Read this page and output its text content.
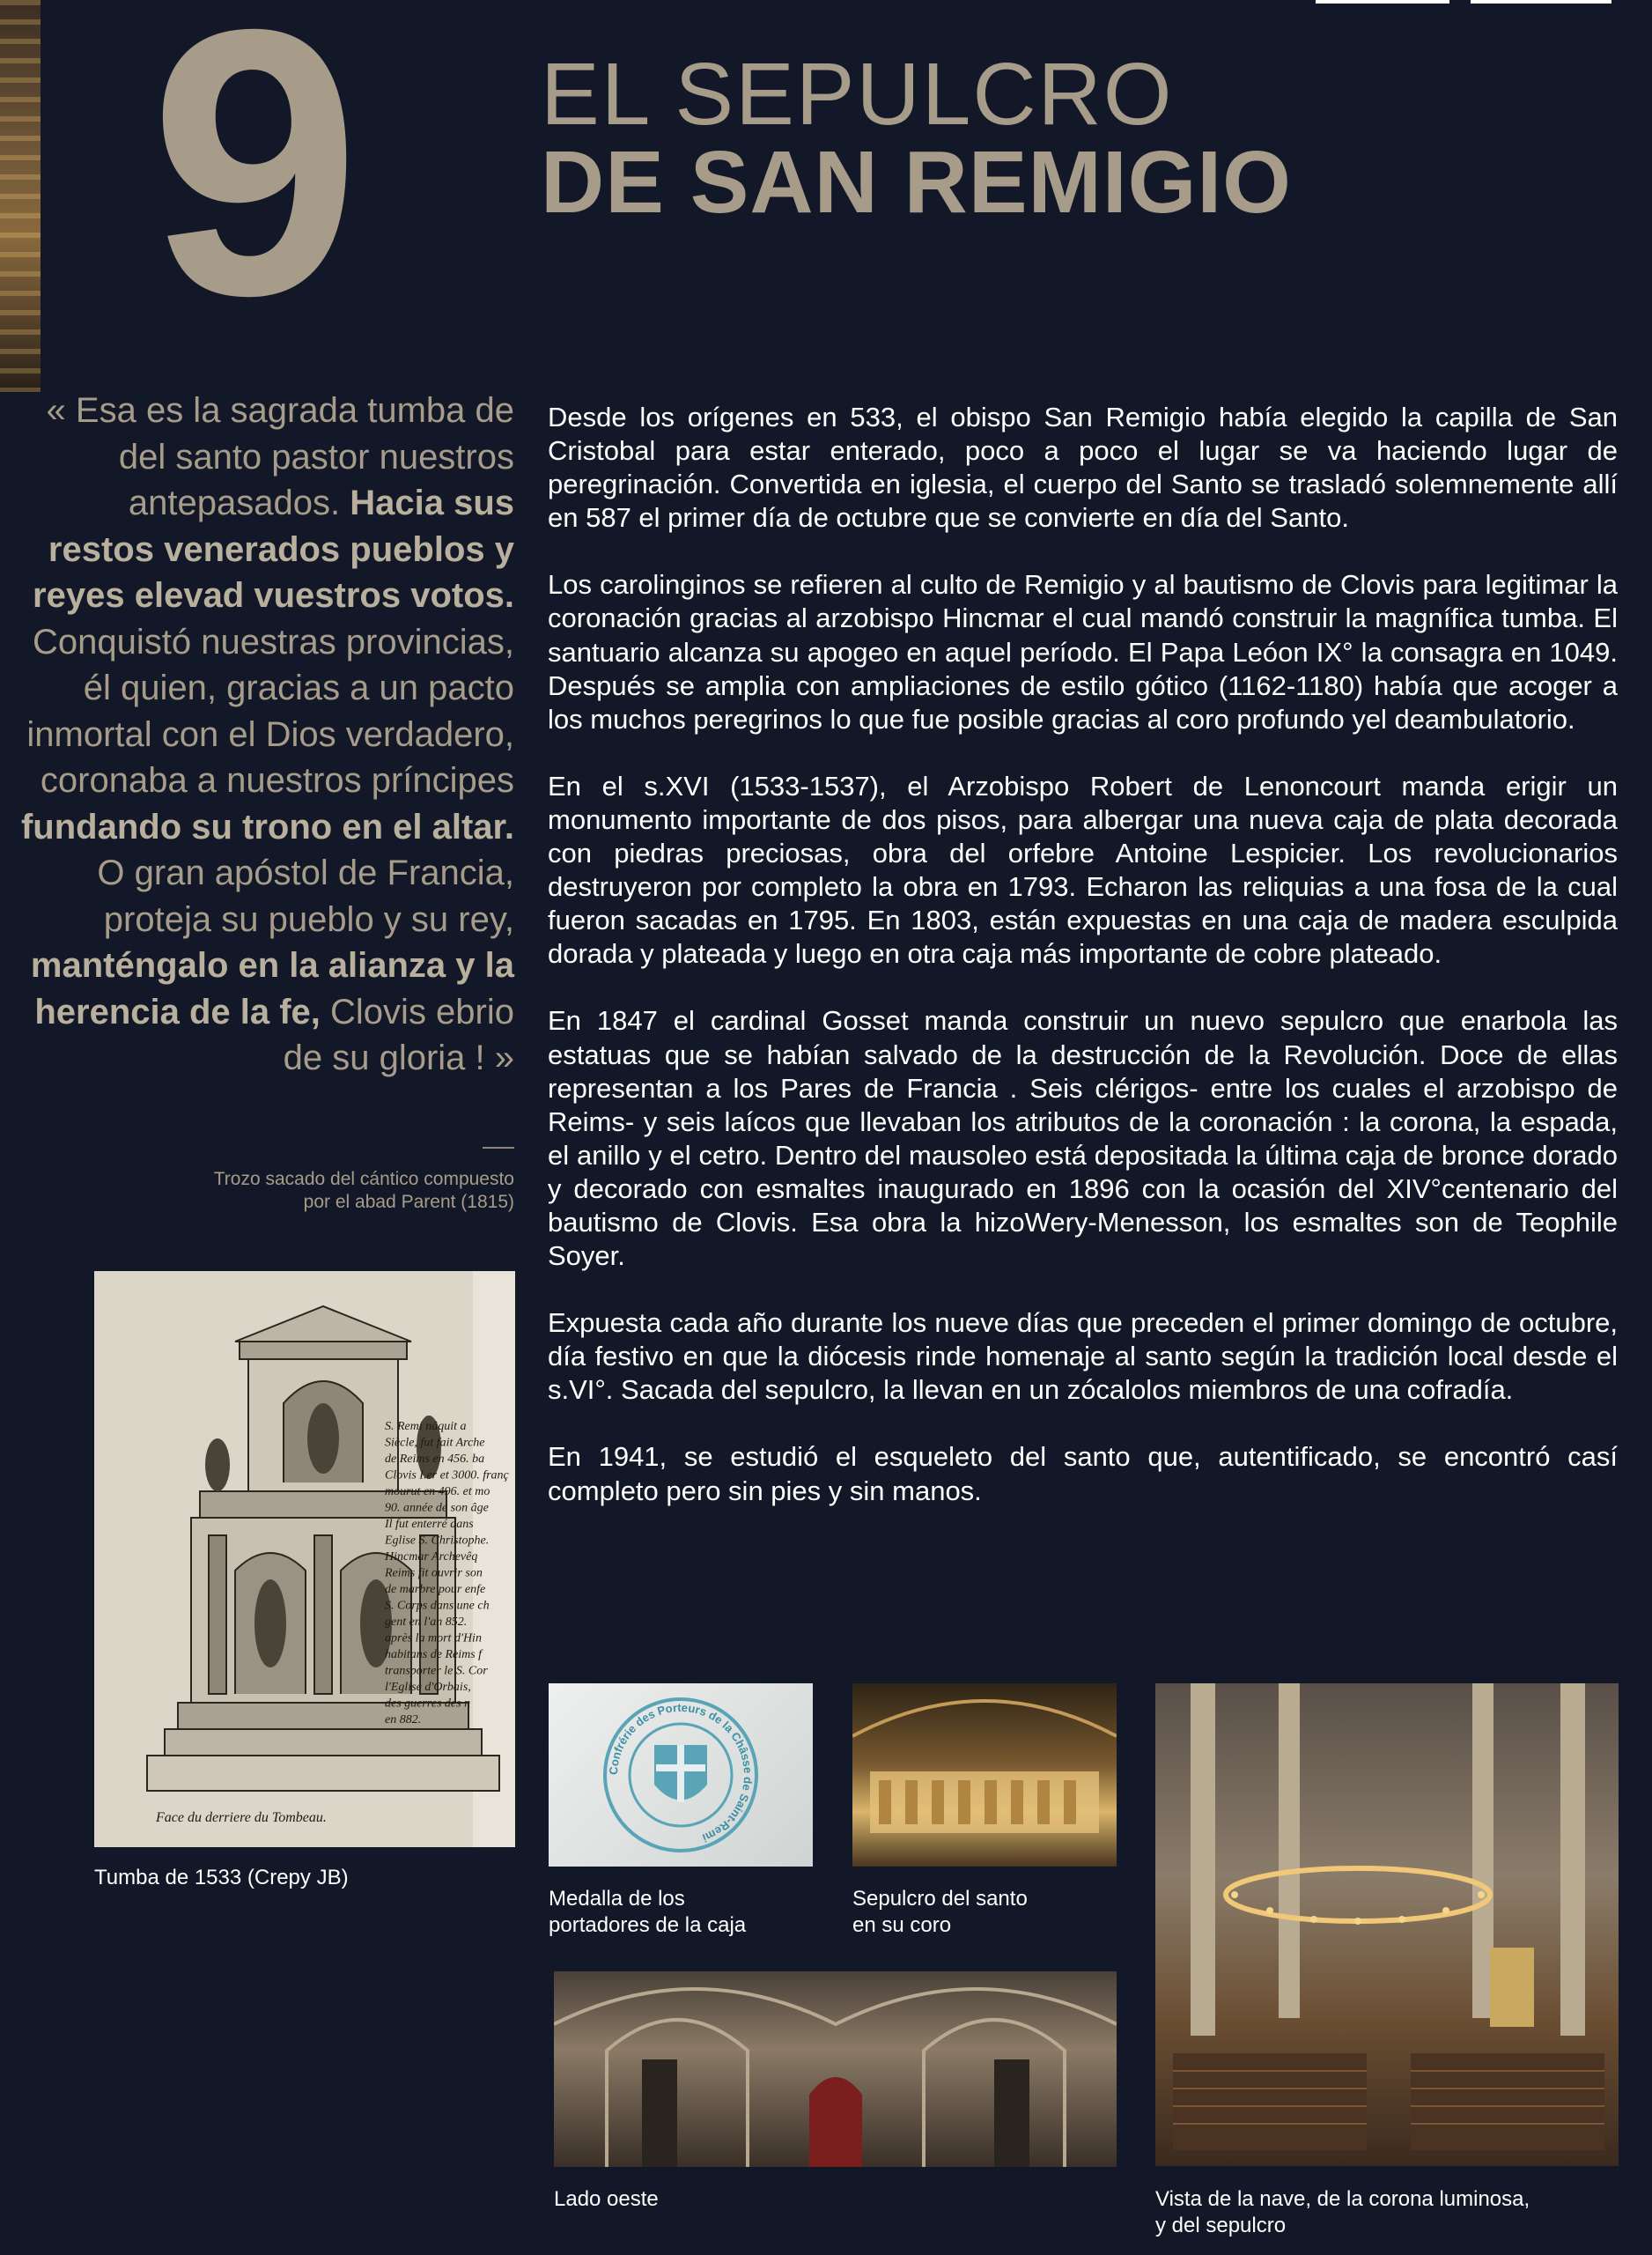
9	EL SEPULCRO
DE SAN REMIGIO
« Esa es la sagrada tumba de del santo pastor nuestros antepasados. Hacia sus restos venerados pueblos y reyes elevad vuestros votos. Conquistó nuestras provincias, él quien, gracias a un pacto inmortal con el Dios verdadero, coronaba a nuestros príncipes fundando su trono en el altar. O gran apóstol de Francia, proteja su pueblo y su rey, manténgalo en la alianza y la herencia de la fe, Clovis ebrio de su gloria ! »
Trozo sacado del cántico compuesto
por el abad Parent (1815)

Desde los orígenes en 533, el obispo San Remigio había elegido la capilla de San Cristobal para estar enterado, poco a poco el lugar se va haciendo lugar de peregrinación. Convertida en iglesia, el cuerpo del Santo se trasladó solemnemente allí en 587 el primer día de octubre que se convierte en día del Santo.

Los carolinginos se refieren al culto de Remigio y al bautismo de Clovis para legitimar la coronación gracias al arzobispo Hincmar el cual mandó construir la magnífica tumba. El santuario alcanza su apogeo en aquel período. El Papa Leóon IX° la consagra en 1049. Después se amplia con ampliaciones de estilo gótico (1162-1180) había que acoger a los muchos peregrinos lo que fue posible gracias al coro profundo yel deambulatorio.

En el s.XVI (1533-1537), el Arzobispo Robert de Lenoncourt manda erigir un monumento importante de dos pisos, para albergar una nueva caja de plata decorada con piedras preciosas, obra del orfebre Antoine Lespicier. Los revolucionarios destruyeron por completo la obra en 1793. Echaron las reliquias a una fosa de la cual fueron sacadas en 1795. En 1803, están expuestas en una caja de madera esculpida dorada y plateada y luego en otra caja más importante de cobre plateado.

En 1847 el cardinal Gosset manda construir un nuevo sepulcro que enarbola las estatuas que se habían salvado de la destrucción de la Revolución. Doce de ellas representan a los Pares de Francia . Seis clérigos- entre los cuales el arzobispo de Reims- y seis laícos que llevaban los atributos de la coronación : la corona, la espada, el anillo y el cetro. Dentro del mausoleo está depositada la última caja de bronce dorado y decorado con esmaltes inaugurado en 1896 con la ocasión del XIV°centenario del bautismo de Clovis. Esa obra la hizoWery-Menesson, los esmaltes son de Teophile Soyer.

Expuesta cada año durante los nueve días que preceden el primer domingo de octubre, día festivo en que la diócesis rinde homenaje al santo según la tradición local desde el s.VI°. Sacada del sepulcro, la llevan en un zócalolos miembros de una cofradía.

En 1941, se estudió el esqueleto del santo que, autentificado, se encontró casí completo pero sin pies y sin manos.

S. Remi nâquit a
Siècle, fut fait Arche
de Reims en 456. ba
Clovis I.er et 3000. franç
mourut en 496. et mo
90. année de son âge
Il fut enterré dans
Eglise S. Christophe.
Hincmar Archevêq
Reims fit ouvrir son
de marbre pour enfe
S. Corps dans une ch
gent en l'an 852.
après la mort d'Hin
habitans de Reims f
transporter le S. Cor
l'Eglise d'Orbais,
des guerres des n
en 882.
Face du derriere du Tombeau.
Tumba de 1533 (Crepy JB)
Confrérie des Porteurs de la Châsse de Saint-Remi
Medalla de los
portadores de la caja
Sepulcro del santo
en su coro
Lado oeste	Vista de la nave, de la corona luminosa,
y del sepulcro
